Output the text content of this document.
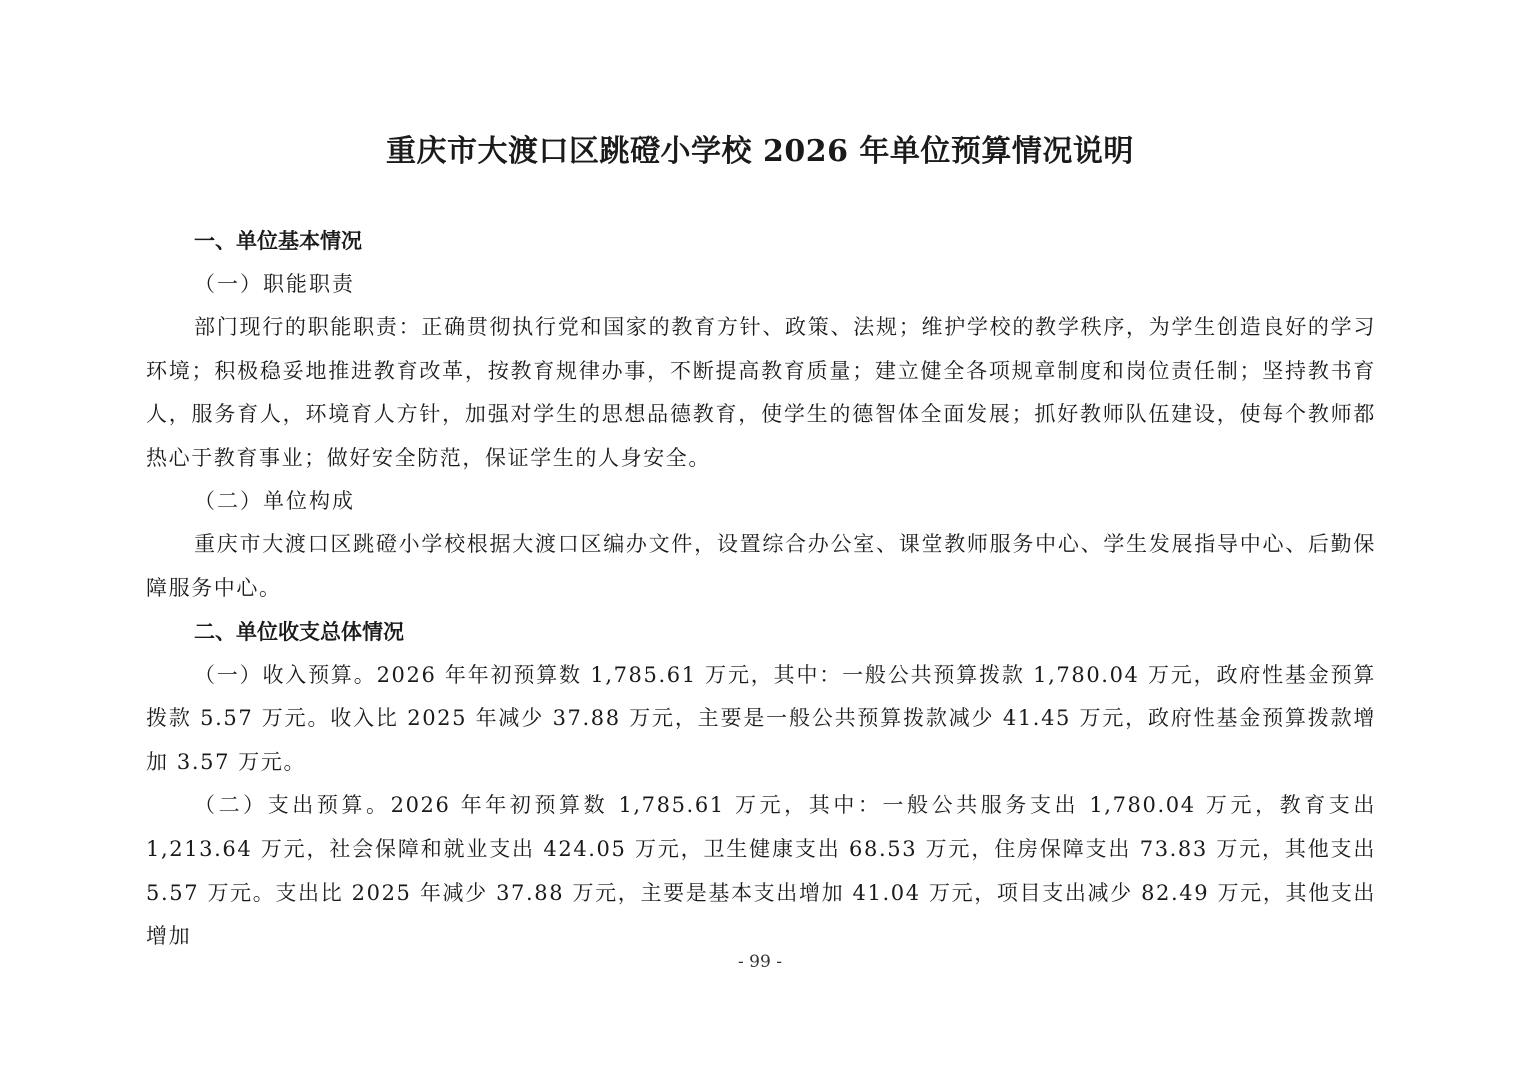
重庆市大渡口区跳磴小学校 2026 年单位预算情况说明

一、单位基本情况

（一）职能职责

部门现行的职能职责：正确贯彻执行党和国家的教育方针、政策、法规；维护学校的教学秩序，为学生创造良好的学习环境；积极稳妥地推进教育改革，按教育规律办事，不断提高教育质量；建立健全各项规章制度和岗位责任制；坚持教书育人，服务育人，环境育人方针，加强对学生的思想品德教育，使学生的德智体全面发展；抓好教师队伍建设，使每个教师都热心于教育事业；做好安全防范，保证学生的人身安全。

（二）单位构成

重庆市大渡口区跳磴小学校根据大渡口区编办文件，设置综合办公室、课堂教师服务中心、学生发展指导中心、后勤保障服务中心。

二、单位收支总体情况

（一）收入预算。2026 年年初预算数 1,785.61 万元，其中：一般公共预算拨款 1,780.04 万元，政府性基金预算拨款 5.57 万元。收入比 2025 年减少 37.88 万元，主要是一般公共预算拨款减少 41.45 万元，政府性基金预算拨款增加 3.57 万元。

（二）支出预算。2026 年年初预算数 1,785.61 万元，其中：一般公共服务支出 1,780.04 万元，教育支出 1,213.64 万元，社会保障和就业支出 424.05 万元，卫生健康支出 68.53 万元，住房保障支出 73.83 万元，其他支出 5.57 万元。支出比 2025 年减少 37.88 万元，主要是基本支出增加 41.04 万元，项目支出减少 82.49 万元，其他支出增加

- 99 -
